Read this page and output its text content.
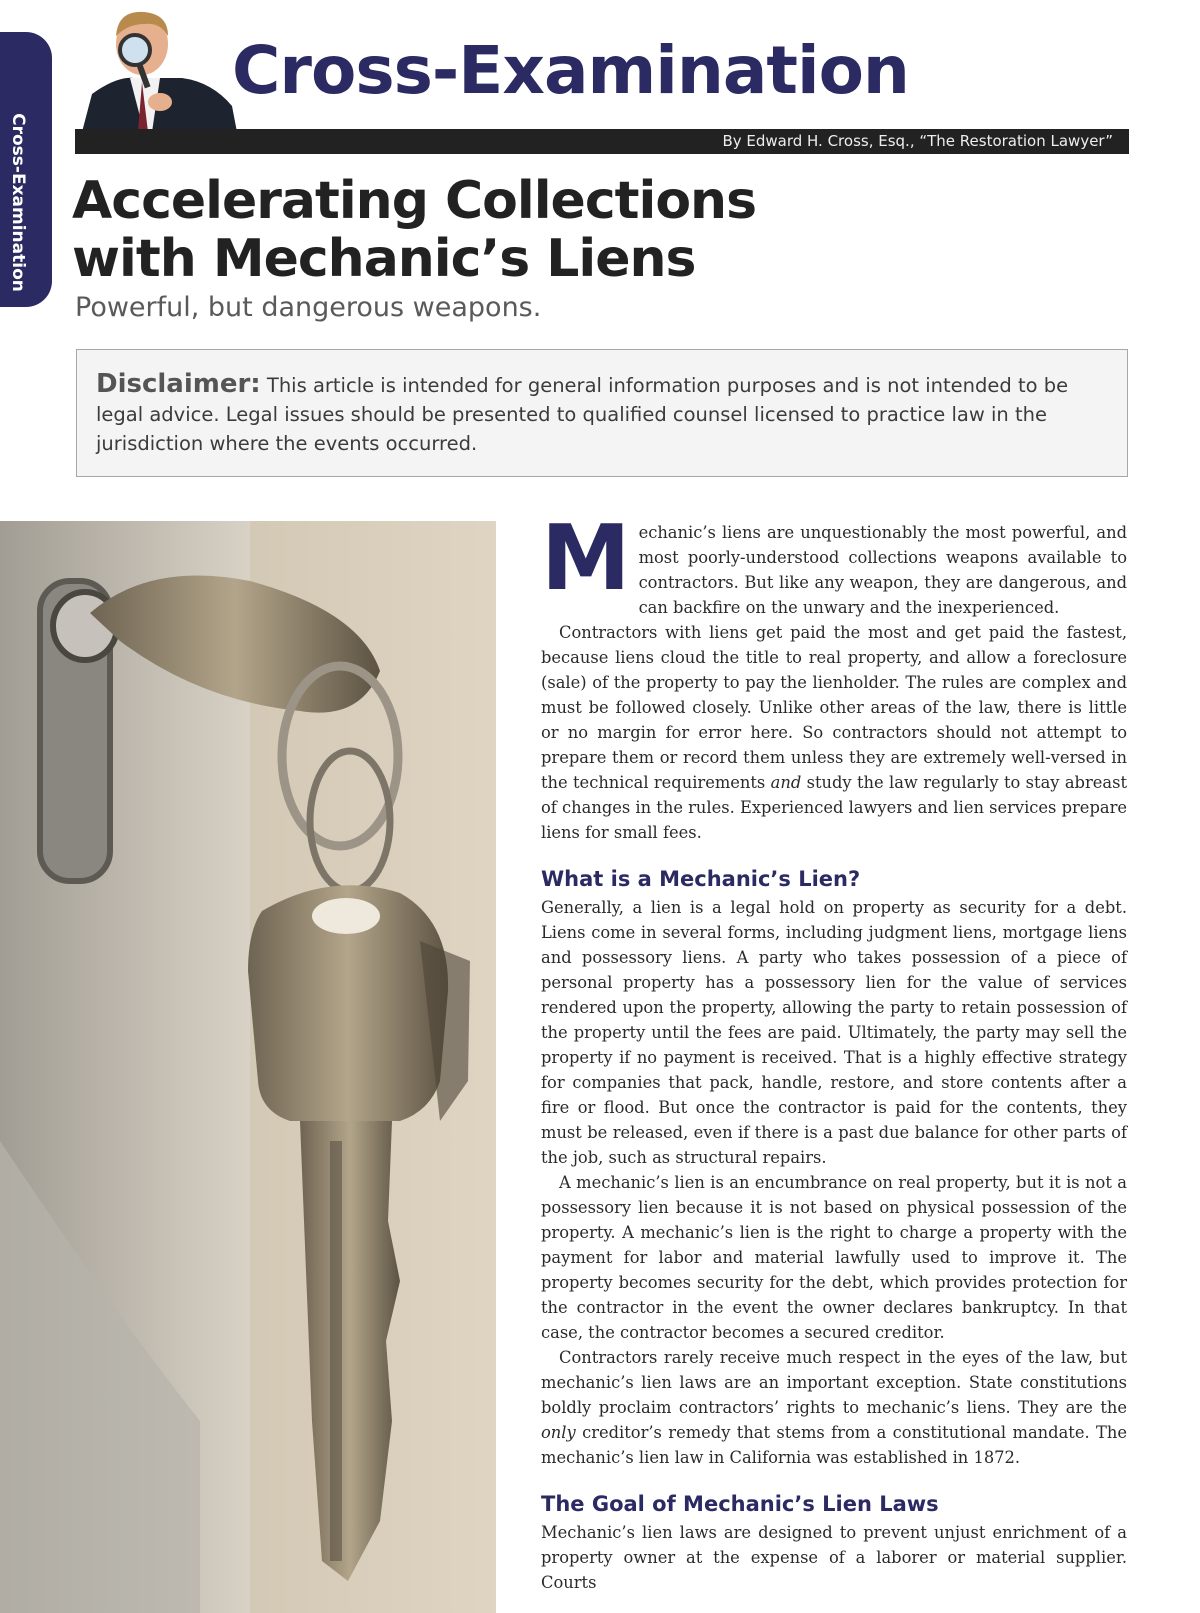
Cross-Examination
Cross-Examination
By Edward H. Cross, Esq., “The Restoration Lawyer”
Accelerating Collections
with Mechanic’s Liens
Powerful, but dangerous weapons.
Disclaimer: This article is intended for general information purposes and is not intended to be legal advice. Legal issues should be presented to qualified counsel licensed to practice law in the jurisdiction where the events occurred.

Mechanic’s liens are unquestionably the most powerful, and most poorly-understood collections weapons available to contractors. But like any weapon, they are dangerous, and can backfire on the unwary and the inexperienced.

Contractors with liens get paid the most and get paid the fastest, because liens cloud the title to real property, and allow a foreclosure (sale) of the property to pay the lienholder. The rules are complex and must be followed closely. Unlike other areas of the law, there is little or no margin for error here. So contractors should not attempt to prepare them or record them unless they are extremely well-versed in the technical requirements and study the law regularly to stay abreast of changes in the rules. Experienced lawyers and lien services prepare liens for small fees.

What is a Mechanic’s Lien?

Generally, a lien is a legal hold on property as security for a debt. Liens come in several forms, including judgment liens, mortgage liens and possessory liens. A party who takes possession of a piece of personal property has a possessory lien for the value of services rendered upon the property, allowing the party to retain possession of the property until the fees are paid. Ultimately, the party may sell the property if no payment is received. That is a highly effective strategy for companies that pack, handle, restore, and store contents after a fire or flood. But once the contractor is paid for the contents, they must be released, even if there is a past due balance for other parts of the job, such as structural repairs.

A mechanic’s lien is an encumbrance on real property, but it is not a possessory lien because it is not based on physical possession of the property. A mechanic’s lien is the right to charge a property with the payment for labor and material lawfully used to improve it. The property becomes security for the debt, which provides protection for the contractor in the event the owner declares bankruptcy. In that case, the contractor becomes a secured creditor.

Contractors rarely receive much respect in the eyes of the law, but mechanic’s lien laws are an important exception. State constitutions boldly proclaim contractors’ rights to mechanic’s liens. They are the only creditor’s remedy that stems from a constitutional mandate. The mechanic’s lien law in California was established in 1872.

The Goal of Mechanic’s Lien Laws

Mechanic’s lien laws are designed to prevent unjust enrichment of a property owner at the expense of a laborer or material supplier. Courts
